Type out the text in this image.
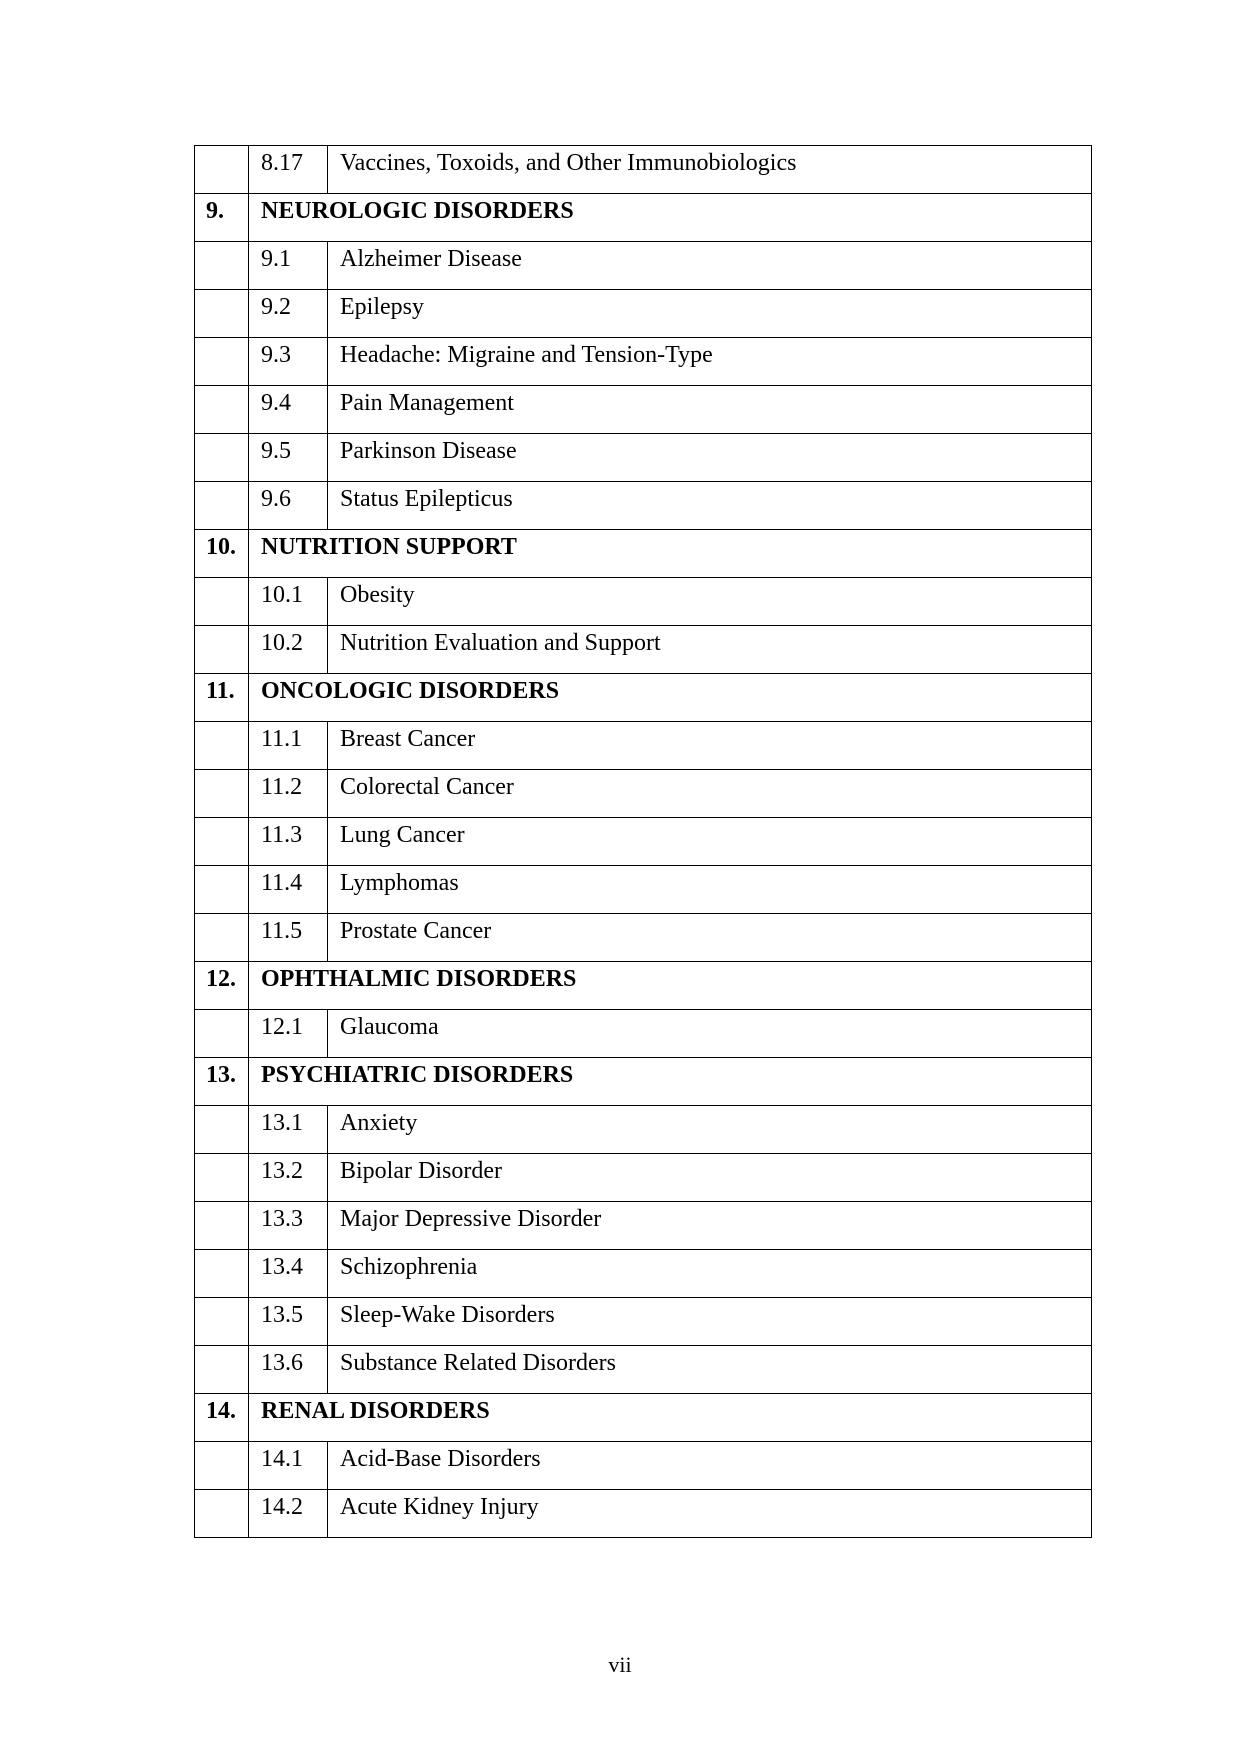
	8.17	Vaccines, Toxoids, and Other Immunobiologics

9.	NEUROLOGIC DISORDERS	

	9.1	Alzheimer Disease

	9.2	Epilepsy

	9.3	Headache: Migraine and Tension-Type

	9.4	Pain Management

	9.5	Parkinson Disease

	9.6	Status Epilepticus

10.	NUTRITION SUPPORT	

	10.1	Obesity

	10.2	Nutrition Evaluation and Support

11.	ONCOLOGIC DISORDERS	

	11.1	Breast Cancer

	11.2	Colorectal Cancer

	11.3	Lung Cancer

	11.4	Lymphomas

	11.5	Prostate Cancer

12.	OPHTHALMIC DISORDERS	

	12.1	Glaucoma

13.	PSYCHIATRIC DISORDERS	

	13.1	Anxiety

	13.2	Bipolar Disorder

	13.3	Major Depressive Disorder

	13.4	Schizophrenia

	13.5	Sleep-Wake Disorders

	13.6	Substance Related Disorders

14.	RENAL DISORDERS	

	14.1	Acid-Base Disorders

	14.2	Acute Kidney Injury
vii
